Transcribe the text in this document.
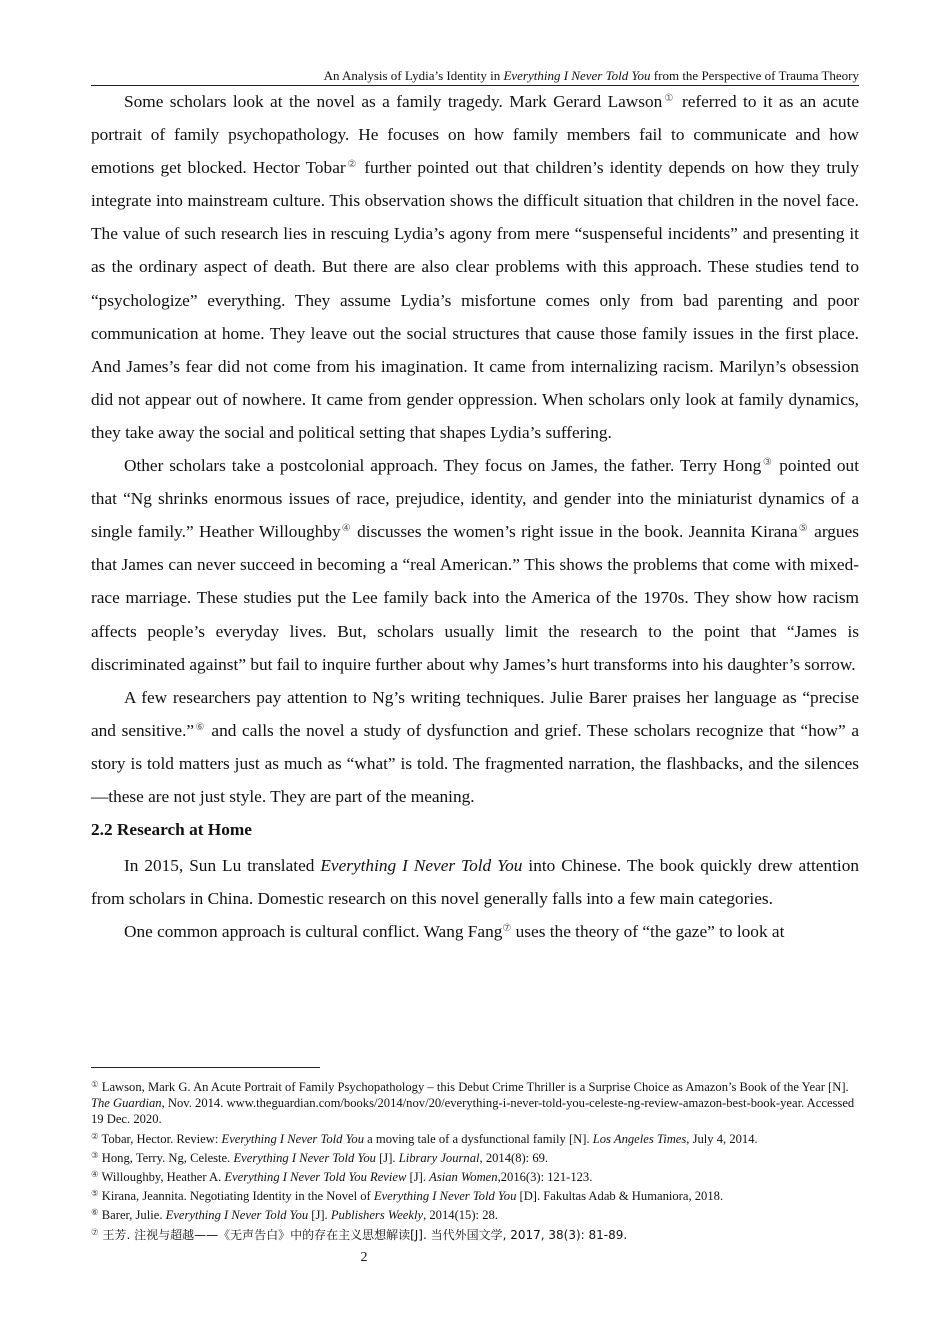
An Analysis of Lydia’s Identity in Everything I Never Told You from the Perspective of Trauma Theory

Some scholars look at the novel as a family tragedy. Mark Gerard Lawson① referred to it as an acute portrait of family psychopathology. He focuses on how family members fail to communicate and how emotions get blocked. Hector Tobar② further pointed out that children’s identity depends on how they truly integrate into mainstream culture. This observation shows the difficult situation that children in the novel face. The value of such research lies in rescuing Lydia’s agony from mere “suspenseful incidents” and presenting it as the ordinary aspect of death. But there are also clear problems with this approach. These studies tend to “psychologize” everything. They assume Lydia’s misfortune comes only from bad parenting and poor communication at home. They leave out the social structures that cause those family issues in the first place. And James’s fear did not come from his imagination. It came from internalizing racism. Marilyn’s obsession did not appear out of nowhere. It came from gender oppression. When scholars only look at family dynamics, they take away the social and political setting that shapes Lydia’s suffering.

Other scholars take a postcolonial approach. They focus on James, the father. Terry Hong③ pointed out that “Ng shrinks enormous issues of race, prejudice, identity, and gender into the miniaturist dynamics of a single family.” Heather Willoughby④ discusses the women’s right issue in the book. Jeannita Kirana⑤ argues that James can never succeed in becoming a “real American.” This shows the problems that come with mixed-race marriage. These studies put the Lee family back into the America of the 1970s. They show how racism affects people’s everyday lives. But, scholars usually limit the research to the point that “James is discriminated against” but fail to inquire further about why James’s hurt transforms into his daughter’s sorrow.

A few researchers pay attention to Ng’s writing techniques. Julie Barer praises her language as “precise and sensitive.”⑥ and calls the novel a study of dysfunction and grief. These scholars recognize that “how” a story is told matters just as much as “what” is told. The fragmented narration, the flashbacks, and the silences—these are not just style. They are part of the meaning.

2.2 Research at Home

In 2015, Sun Lu translated Everything I Never Told You into Chinese. The book quickly drew attention from scholars in China. Domestic research on this novel generally falls into a few main categories.

One common approach is cultural conflict. Wang Fang⑦ uses the theory of “the gaze” to look at

① Lawson, Mark G. An Acute Portrait of Family Psychopathology – this Debut Crime Thriller is a Surprise Choice as Amazon’s Book of the Year [N]. The Guardian, Nov. 2014. www.theguardian.com/books/2014/nov/20/everything-i-never-told-you-celeste-ng-review-amazon-best-book-year. Accessed 19 Dec. 2020.

② Tobar, Hector. Review: Everything I Never Told You a moving tale of a dysfunctional family [N]. Los Angeles Times, July 4, 2014.

③ Hong, Terry. Ng, Celeste. Everything I Never Told You [J]. Library Journal, 2014(8): 69.

④ Willoughby, Heather A. Everything I Never Told You Review [J]. Asian Women,2016(3): 121-123.

⑤ Kirana, Jeannita. Negotiating Identity in the Novel of Everything I Never Told You [D]. Fakultas Adab & Humaniora, 2018.

⑥ Barer, Julie. Everything I Never Told You [J]. Publishers Weekly, 2014(15): 28.

⑦ 王芳. 注视与超越——《无声告白》中的存在主义思想解读[J]. 当代外国文学, 2017, 38(3): 81-89.

2
